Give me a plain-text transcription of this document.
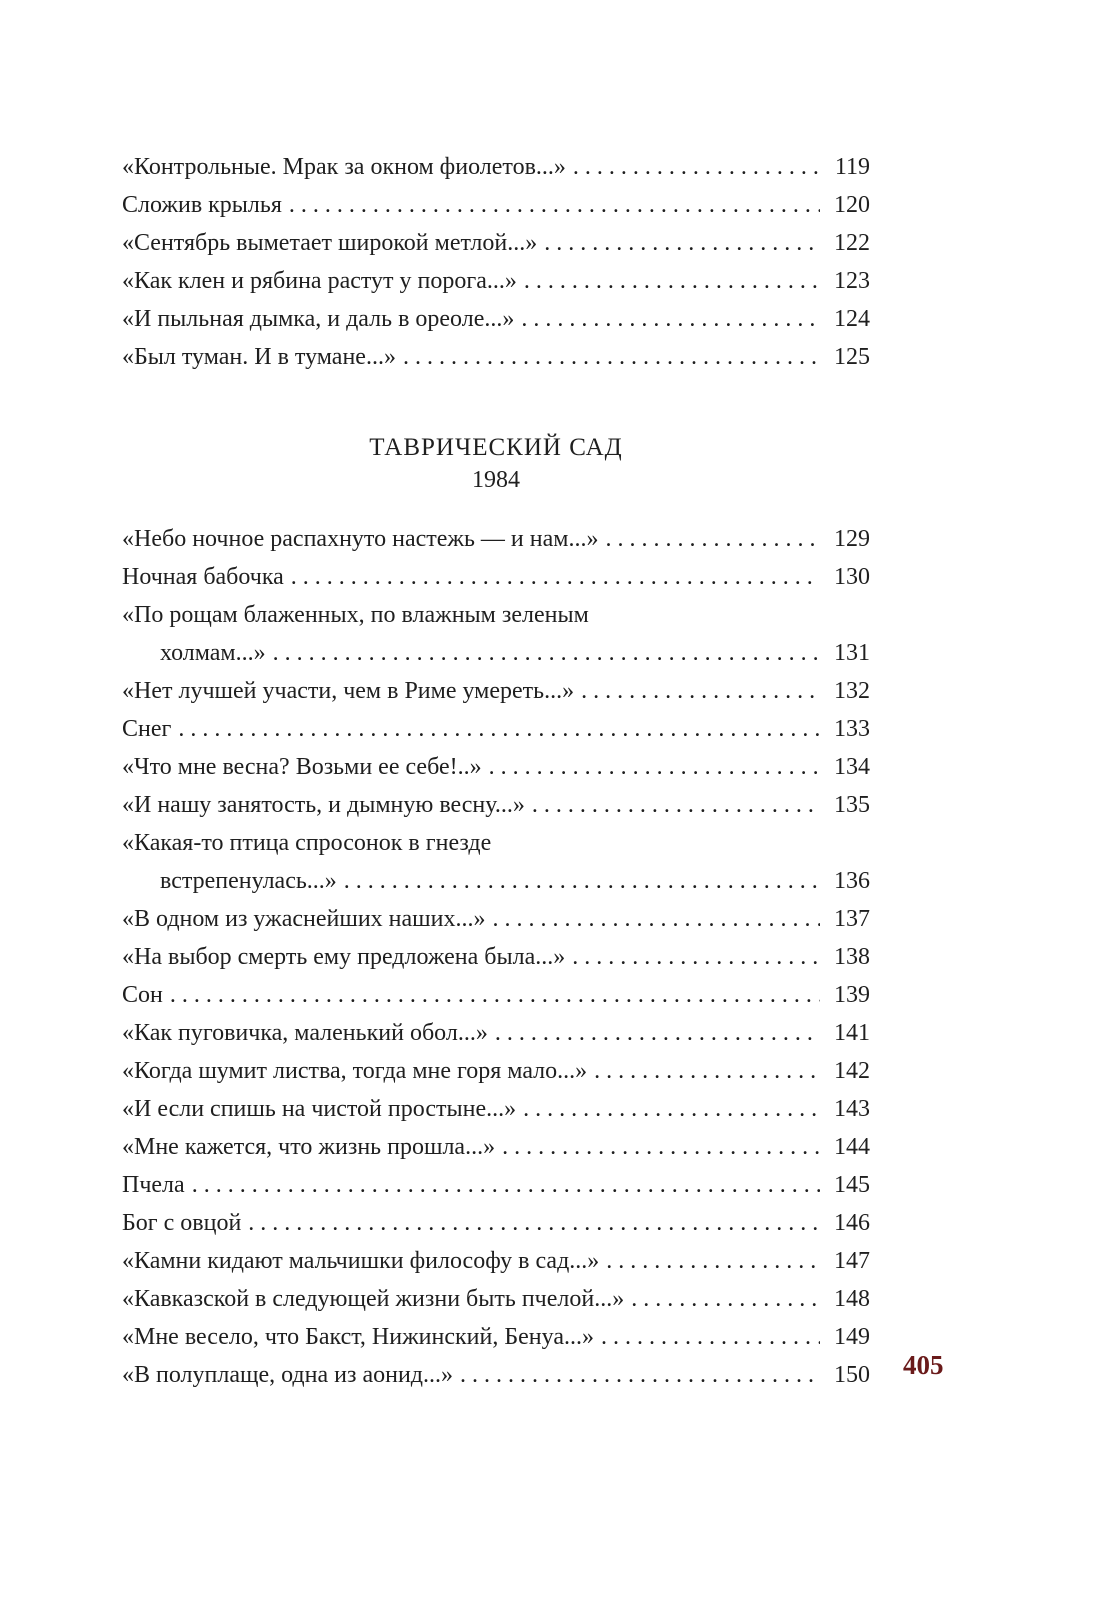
«Контрольные. Мрак за окном фиолетов...» .....	119
Сложив крылья .....	120
«Сентябрь выметает широкой метлой...» .....	122
«Как клен и рябина растут у порога...» .....	123
«И пыльная дымка, и даль в ореоле...» .....	124
«Был туман. И в тумане...» .....	125
ТАВРИЧЕСКИЙ САД
1984
«Небо ночное распахнуто настежь — и нам...» .....	129
Ночная бабочка .....	130
«По рощам блаженных, по влажным зеленым
холмам...» .....	131
«Нет лучшей участи, чем в Риме умереть...» .....	132
Снег .....	133
«Что мне весна? Возьми ее себе!..» .....	134
«И нашу занятость, и дымную весну...» .....	135
«Какая-то птица спросонок в гнезде
встрепенулась...» .....	136
«В одном из ужаснейших наших...» .....	137
«На выбор смерть ему предложена была...» .....	138
Сон .....	139
«Как пуговичка, маленький обол...» .....	141
«Когда шумит листва, тогда мне горя мало...» .....	142
«И если спишь на чистой простыне...» .....	143
«Мне кажется, что жизнь прошла...» .....	144
Пчела .....	145
Бог с овцой .....	146
«Камни кидают мальчишки философу в сад...» .....	147
«Кавказской в следующей жизни быть пчелой...» .....	148
«Мне весело, что Бакст, Нижинский, Бенуа...» .....	149
«В полуплаще, одна из аонид...» .....	150 405
